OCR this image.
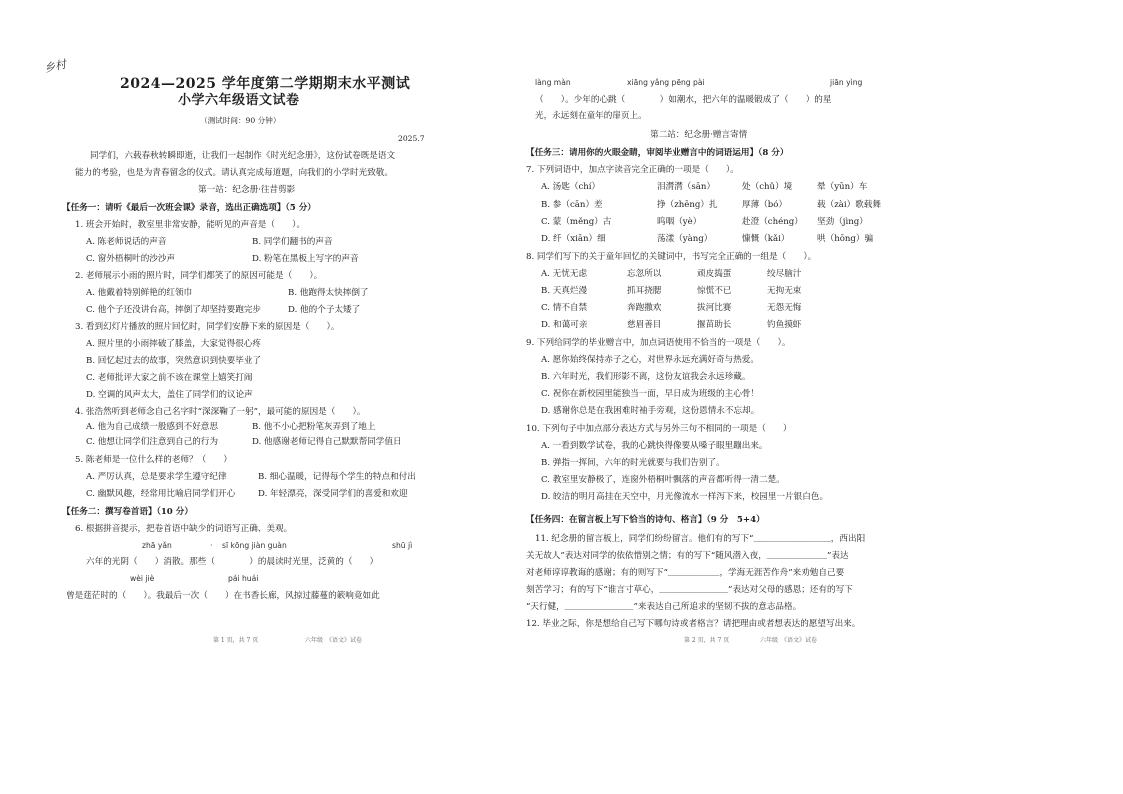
乡村
2024—2025 学年度第二学期期末水平测试
小学六年级语文试卷
（测试时间：90 分钟）
2025.7
同学们，六载春秋转瞬即逝，让我们一起制作《时光纪念册》，这份试卷既是语文
能力的考验，也是为青春留念的仪式。请认真完成每道题，向我们的小学时光致敬。
第一站：纪念册·往昔剪影
【任务一：请听《最后一次班会课》录音，选出正确选项】（5 分）
1. 班会开始时，教室里非常安静，能听见的声音是（　　）。
A. 陈老师说话的声音	B. 同学们翻书的声音
C. 窗外梧桐叶的沙沙声	D. 粉笔在黑板上写字的声音
2. 老师展示小雨的照片时，同学们都笑了的原因可能是（　　）。
A. 他戴着特别鲜艳的红领巾	B. 他跑得太快摔倒了
C. 他个子还没讲台高，摔倒了却坚持要跑完步	D. 他的个子太矮了
3. 看到幻灯片播放的照片回忆时，同学们安静下来的原因是（　　）。
A. 照片里的小雨摔破了膝盖，大家觉得很心疼
B. 回忆起过去的故事，突然意识到快要毕业了
C. 老师批评大家之前不该在课堂上嬉笑打闹
D. 空调的风声太大，盖住了同学们的议论声
4. 张浩然听到老师念自己名字时“深深鞠了一躬”，最可能的原因是（　　）。
A. 他为自己成绩一般感到不好意思	B. 他不小心把粉笔灰弄到了地上
C. 他想让同学们注意到自己的行为	D. 他感谢老师记得自己默默帮同学值日
5. 陈老师是一位什么样的老师？（　　）
A. 严厉认真，总是要求学生遵守纪律	B. 细心温暖，记得每个学生的特点和付出
C. 幽默风趣，经常用比喻启同学们开心	D. 年轻漂亮，深受同学们的喜爱和欢迎
【任务二：撰写卷首语】（10 分）
6. 根据拼音提示，把卷首语中缺少的词语写正确、美观。
zhā yǎn	· sī kōng jiàn guàn	shū jì
六年的光阴（　　）消散。那些（　　　　）的晨读时光里，泛黄的（　　）
wèi jiè	pái huái
曾是莛茫时的（　　）。我最后一次（　　）在书香长廊，风掠过藤蔓的簌响竟如此
第 1 页，共 7 页	六年级　《语文》试卷
làng màn	xiāng yǎng pēng pài	jiān yìng
（　　）。少年的心跳（　　　　）如潮水，把六年的温暖锻成了（　　）的星
光，永远刻在童年的扉页上。
第二站：纪念册·赠言寄情
【任务三：请用你的火眼金睛，审阅毕业赠言中的词语运用】（8 分）
7. 下列词语中，加点字读音完全正确的一项是（　　）。
A. 汤匙（chí）	泪潸潸（sān）	处（chǔ）境	晕（yūn）车
B. 参（cān）差	挣（zhēng）扎	厚薄（bó）	载（zài）歌载舞
C. 蒙（měng）古	呜咽（yè）	赴澄（chéng） 坚劲（jìng）
D. 纤（xiān）细	荡漾（yàng）	慷慨（kǎi）	哄（hōng）骗
8. 同学们写下的关于童年回忆的关键词中，书写完全正确的一组是（　　）。
A. 无忧无虑	忘忽所以	顽皮捣蛋	绞尽脑汁
B. 天真烂漫	抓耳挠腮	惊慌不已	无拘无束
C. 情不自禁	奔跑撒欢	拔河比赛	无怨无悔
D. 和蔼可亲	慈眉善目	揠苗助长	钓鱼摸虾
9. 下列给同学的毕业赠言中，加点词语使用不恰当的一项是（　　）。
A. 愿你始终保持赤子之心，对世界永远充满好奇与热爱。
B. 六年时光，我们形影不离，这份友谊我会永远珍藏。
C. 祝你在新校园里能独当一面，早日成为班级的主心骨！
D. 感谢你总是在我困难时袖手旁观，这份恩情永不忘却。
10. 下列句子中加点部分表达方式与另外三句不相同的一项是（　　）
A. 一看到数学试卷，我的心跳快得像要从嗓子眼里蹦出来。
B. 弹指一挥间，六年的时光就要与我们告别了。
C. 教室里安静极了，连窗外梧桐叶飘落的声音都听得一清二楚。
D. 皎洁的明月高挂在天空中，月光像流水一样泻下来，校园里一片银白色。
【任务四：在留言板上写下恰当的诗句、格言】（9 分　5+4）
11. 纪念册的留言板上，同学们纷纷留言。他们有的写下“＿＿＿＿＿＿＿＿＿，西出阳
关无故人”表达对同学的依依惜别之情；有的写下“随风潜入夜，＿＿＿＿＿＿＿”表达
对老师谆谆教诲的感谢；有的则写下“＿＿＿＿＿＿，学海无涯苦作舟”来劝勉自己要
刻苦学习；有的写下“谁言寸草心，＿＿＿＿＿＿＿＿”表达对父母的感恩；还有的写下
“天行健，＿＿＿＿＿＿＿＿”来表达自己所追求的坚韧不拔的意志品格。
12. 毕业之际，你是想给自己写下哪句诗或者格言？请把理由或者想表达的愿望写出来。
第 2 页，共 7 页	六年级　《语文》试卷
